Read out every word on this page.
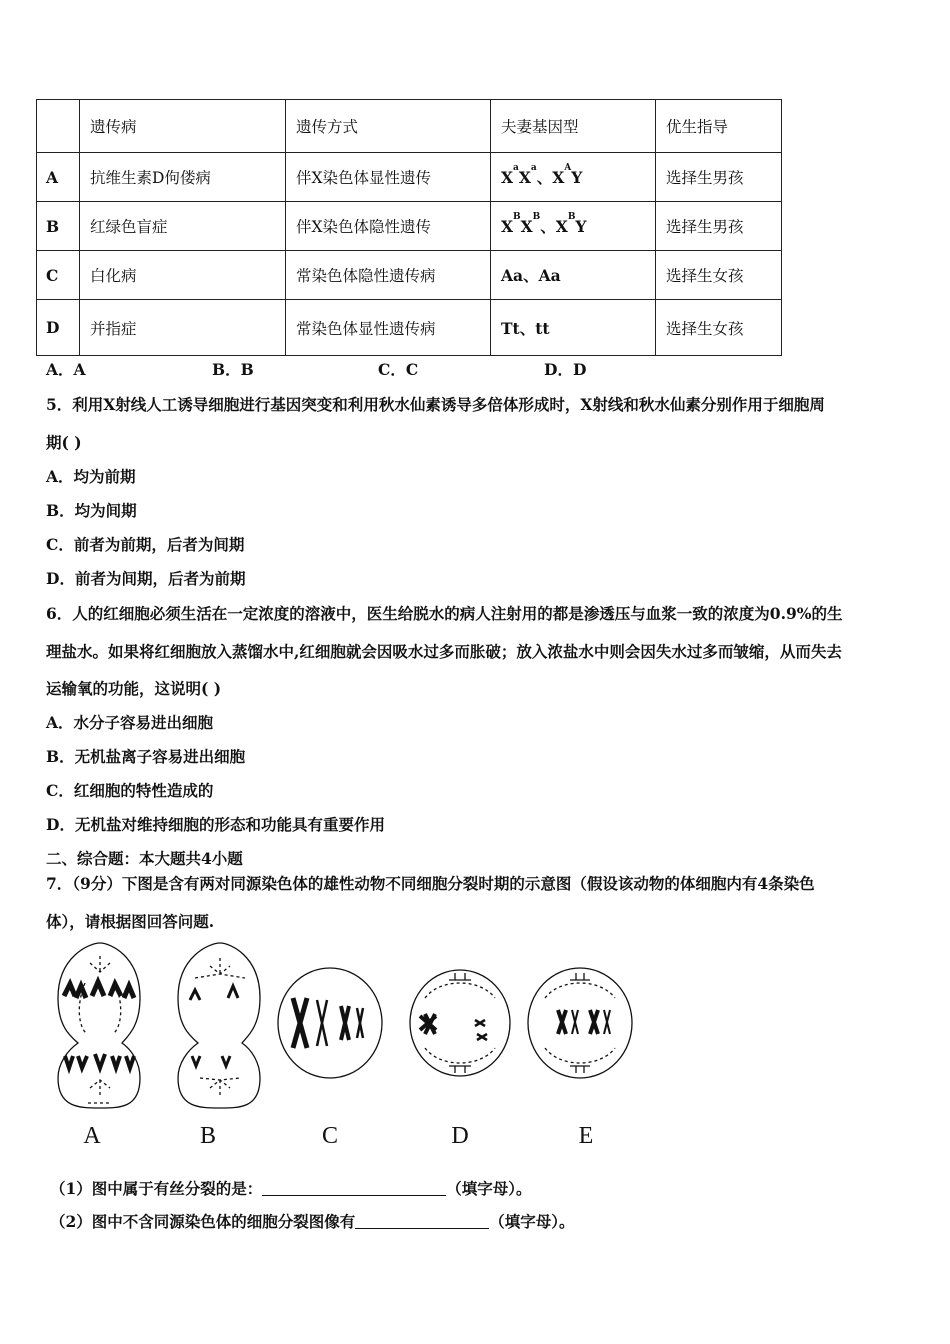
	遗传病	遗传方式	夫妻基因型	优生指导
A	抗维生素D佝偻病	伴X染色体显性遗传	$X^aX^a$、$X^AY$	选择生男孩
B	红绿色盲症	伴X染色体隐性遗传	$X^BX^B$、$X^BY$	选择生男孩
C	白化病	常染色体隐性遗传病	Aa、Aa	选择生女孩
D	并指症	常染色体显性遗传病	Tt、tt	选择生女孩
A．A	B．B	C．C	D．D
5．利用X射线人工诱导细胞进行基因突变和利用秋水仙素诱导多倍体形成时，X射线和秋水仙素分别作用于细胞周
期( )
A．均为前期
B．均为间期
C．前者为前期，后者为间期
D．前者为间期，后者为前期
6．人的红细胞必须生活在一定浓度的溶液中，医生给脱水的病人注射用的都是渗透压与血浆一致的浓度为0.9%的生
理盐水。如果将红细胞放入蒸馏水中,红细胞就会因吸水过多而胀破；放入浓盐水中则会因失水过多而皱缩，从而失去
运输氧的功能，这说明( )
A．水分子容易进出细胞
B．无机盐离子容易进出细胞
C．红细胞的特性造成的
D．无机盐对维持细胞的形态和功能具有重要作用
二、综合题：本大题共4小题
7．（9分）下图是含有两对同源染色体的雄性动物不同细胞分裂时期的示意图（假设该动物的体细胞内有4条染色
体），请根据图回答问题.
A	B	C	D	E
（1）图中属于有丝分裂的是：	（填字母）。
（2）图中不含同源染色体的细胞分裂图像有	（填字母）。
